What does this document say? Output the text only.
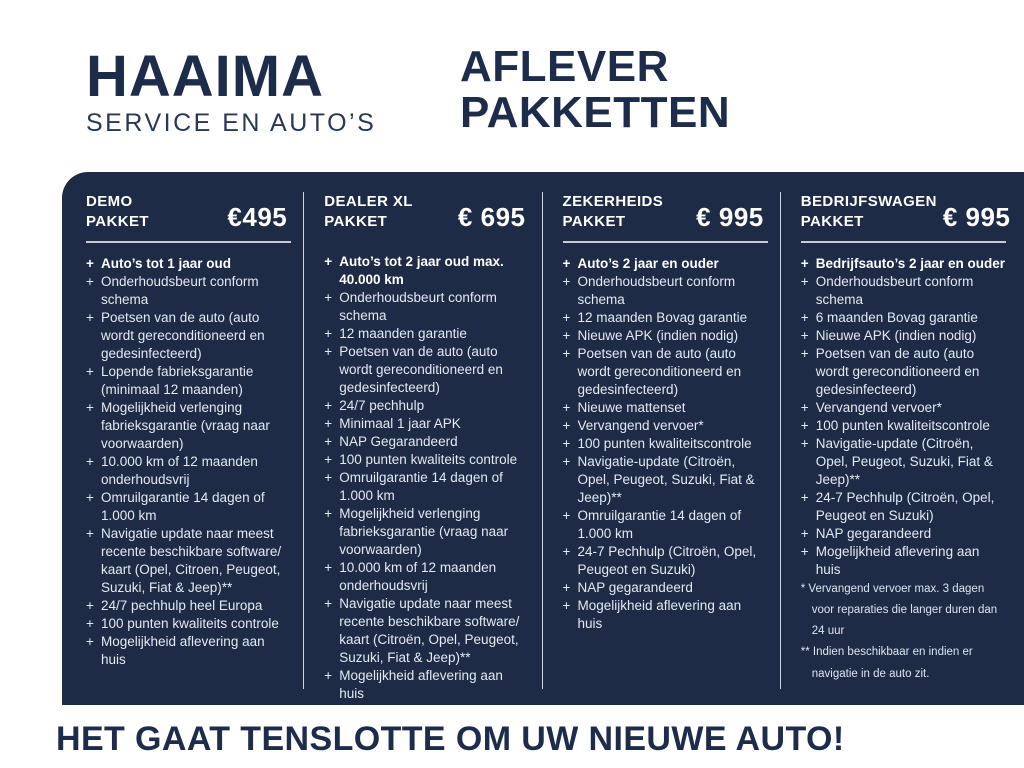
HAAIMA
SERVICE EN AUTO’S
AFLEVER
PAKKETTEN
DEMO
PAKKET	€495
+ Auto’s tot 1 jaar oud
+ Onderhoudsbeurt conform schema
+ Poetsen van de auto (auto wordt gereconditioneerd en gedesinfecteerd)
+ Lopende fabrieksgarantie (minimaal 12 maanden)
+ Mogelijkheid verlenging fabrieksgarantie (vraag naar voorwaarden)
+ 10.000 km of 12 maanden onderhoudsvrij
+ Omruilgarantie 14 dagen of 1.000 km
+ Navigatie update naar meest recente beschikbare software/ kaart (Opel, Citroen, Peugeot, Suzuki, Fiat & Jeep)**
+ 24/7 pechhulp heel Europa
+ 100 punten kwaliteits controle
+ Mogelijkheid aflevering aan huis
DEALER XL
PAKKET	€ 695
+ Auto’s tot 2 jaar oud max. 40.000 km
+ Onderhoudsbeurt conform schema
+ 12 maanden garantie
+ Poetsen van de auto (auto wordt gereconditioneerd en gedesinfecteerd)
+ 24/7 pechhulp
+ Minimaal 1 jaar APK
+ NAP Gegarandeerd
+ 100 punten kwaliteits controle
+ Omruilgarantie 14 dagen of 1.000 km
+ Mogelijkheid verlenging fabrieksgarantie (vraag naar voorwaarden)
+ 10.000 km of 12 maanden onderhoudsvrij
+ Navigatie update naar meest recente beschikbare software/ kaart (Citroën, Opel, Peugeot, Suzuki, Fiat & Jeep)**
+ Mogelijkheid aflevering aan huis
ZEKERHEIDS
PAKKET	€ 995
+ Auto’s 2 jaar en ouder
+ Onderhoudsbeurt conform schema
+ 12 maanden Bovag garantie
+ Nieuwe APK (indien nodig)
+ Poetsen van de auto (auto wordt gereconditioneerd en gedesinfecteerd)
+ Nieuwe mattenset
+ Vervangend vervoer*
+ 100 punten kwaliteitscontrole
+ Navigatie-update (Citroën, Opel, Peugeot, Suzuki, Fiat & Jeep)**
+ Omruilgarantie 14 dagen of 1.000 km
+ 24-7 Pechhulp (Citroën, Opel, Peugeot en Suzuki)
+ NAP gegarandeerd
+ Mogelijkheid aflevering aan huis
BEDRIJFSWAGEN
PAKKET	€ 995
+ Bedrijfsauto’s 2 jaar en ouder
+ Onderhoudsbeurt conform schema
+ 6 maanden Bovag garantie
+ Nieuwe APK (indien nodig)
+ Poetsen van de auto (auto wordt gereconditioneerd en gedesinfecteerd)
+ Vervangend vervoer*
+ 100 punten kwaliteitscontrole
+ Navigatie-update (Citroën, Opel, Peugeot, Suzuki, Fiat & Jeep)**
+ 24-7 Pechhulp (Citroën, Opel, Peugeot en Suzuki)
+ NAP gegarandeerd
+ Mogelijkheid aflevering aan huis
* Vervangend vervoer max. 3 dagen voor reparaties die langer duren dan 24 uur
** Indien beschikbaar en indien er navigatie in de auto zit.
HET GAAT TENSLOTTE OM UW NIEUWE AUTO!
